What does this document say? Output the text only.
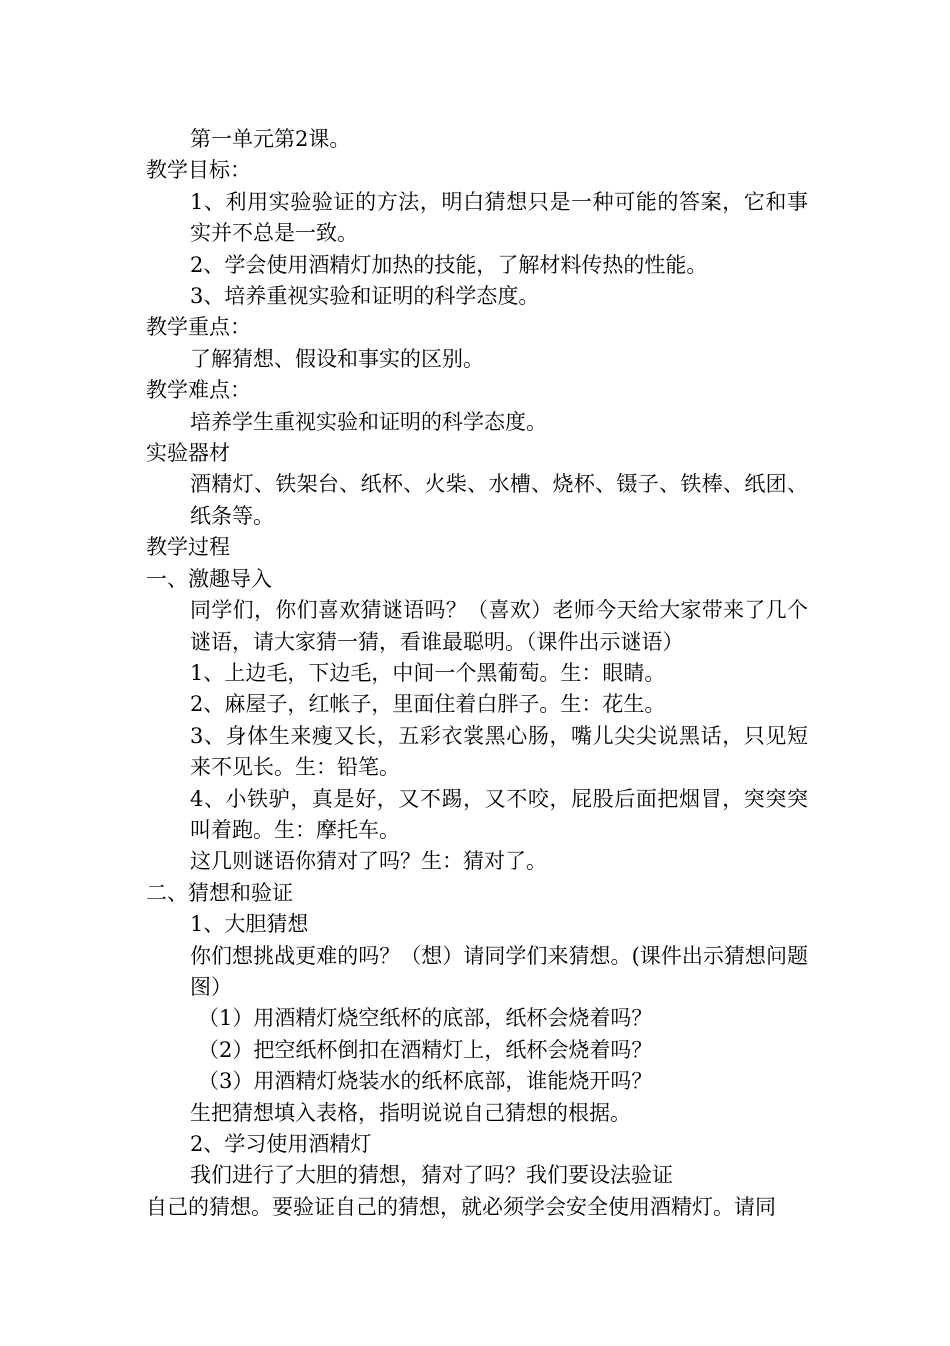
第一单元第2课。

教学目标：

1、利用实验验证的方法，明白猜想只是一种可能的答案，它和事实并不总是一致。

2、学会使用酒精灯加热的技能，了解材料传热的性能。

3、培养重视实验和证明的科学态度。

教学重点：

了解猜想、假设和事实的区别。

教学难点：

培养学生重视实验和证明的科学态度。

实验器材

酒精灯、铁架台、纸杯、火柴、水槽、烧杯、镊子、铁棒、纸团、纸条等。

教学过程

一、激趣导入

同学们，你们喜欢猜谜语吗？（喜欢）老师今天给大家带来了几个谜语，请大家猜一猜，看谁最聪明。（课件出示谜语）

1、上边毛，下边毛，中间一个黑葡萄。生：眼睛。

2、麻屋子，红帐子，里面住着白胖子。生：花生。

3、身体生来瘦又长，五彩衣裳黑心肠，嘴儿尖尖说黑话，只见短来不见长。生：铅笔。

4、小铁驴，真是好，又不踢，又不咬，屁股后面把烟冒，突突突叫着跑。生：摩托车。

这几则谜语你猜对了吗？生：猜对了。

二、猜想和验证

1、大胆猜想

你们想挑战更难的吗？（想）请同学们来猜想。(课件出示猜想问题图）

（1）用酒精灯烧空纸杯的底部，纸杯会烧着吗？

（2）把空纸杯倒扣在酒精灯上，纸杯会烧着吗？

（3）用酒精灯烧装水的纸杯底部，谁能烧开吗？

生把猜想填入表格，指明说说自己猜想的根据。

2、学习使用酒精灯

我们进行了大胆的猜想，猜对了吗？我们要设法验证

自己的猜想。要验证自己的猜想，就必须学会安全使用酒精灯。请同
